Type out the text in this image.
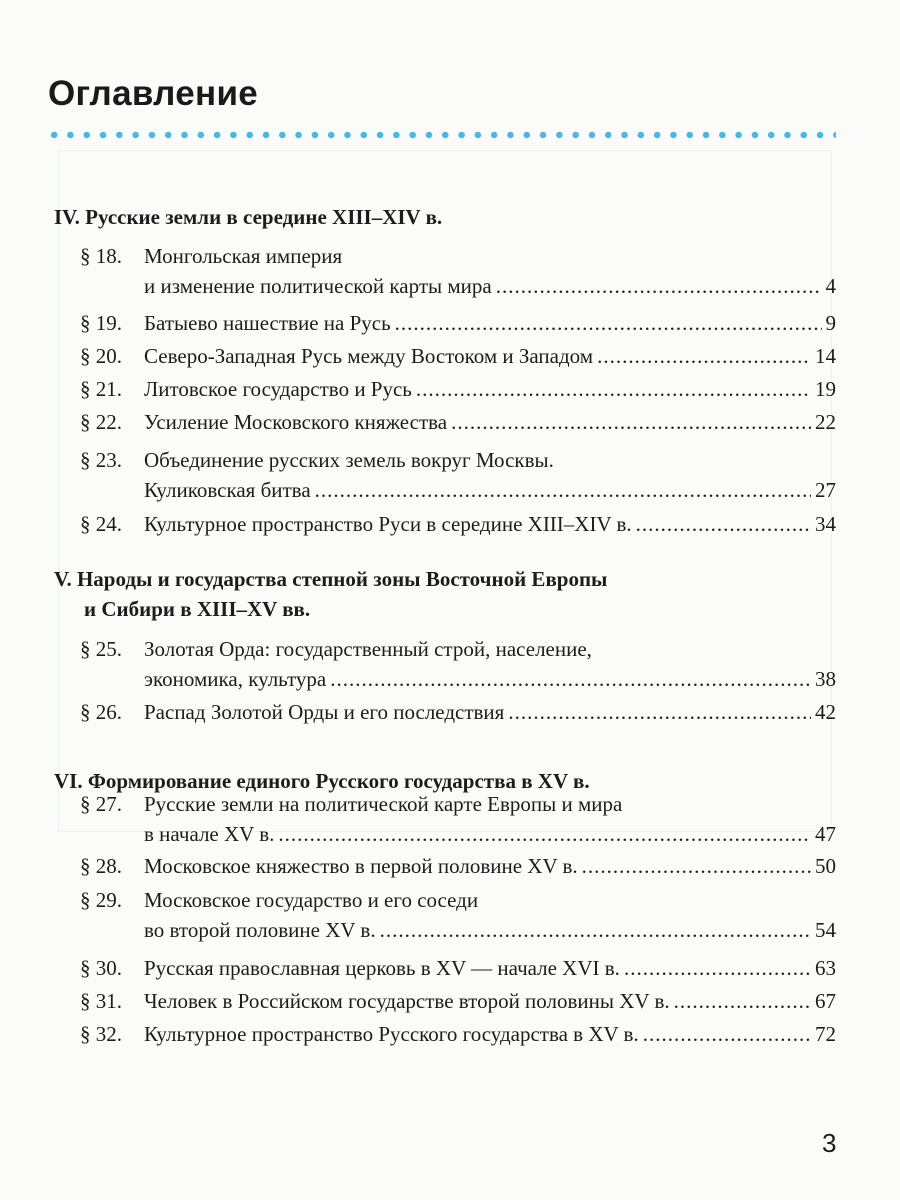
Оглавление
IV. Русские земли в середине XIII–XIV в.
§ 18.	Монгольская империя
и изменение политической карты мира .....	4
§ 19. Батыево нашествие на Русь .....	9
§ 20. Северо-Западная Русь между Востоком и Западом .....	14
§ 21. Литовское государство и Русь .....	19
§ 22. Усиление Московского княжества .....	22
§ 23.	Объединение русских земель вокруг Москвы.
Куликовская битва .....	27
§ 24. Культурное пространство Руси в середине XIII–XIV в. .....	34
V. Народы и государства степной зоны Восточной Европы
и Сибири в XIII–XV вв.
§ 25.	Золотая Орда: государственный строй, население,
экономика, культура .....	38
§ 26. Распад Золотой Орды и его последствия .....	42
VI. Формирование единого Русского государства в XV в.
§ 27.	Русские земли на политической карте Европы и мира
в начале XV в. .....	47
§ 28. Московское княжество в первой половине XV в. .....	50
§ 29.	Московское государство и его соседи
во второй половине XV в. .....	54
§ 30. Русская православная церковь в XV — начале XVI в. .....	63
§ 31. Человек в Российском государстве второй половины XV в. .....	67
§ 32. Культурное пространство Русского государства в XV в. .....	72
3
